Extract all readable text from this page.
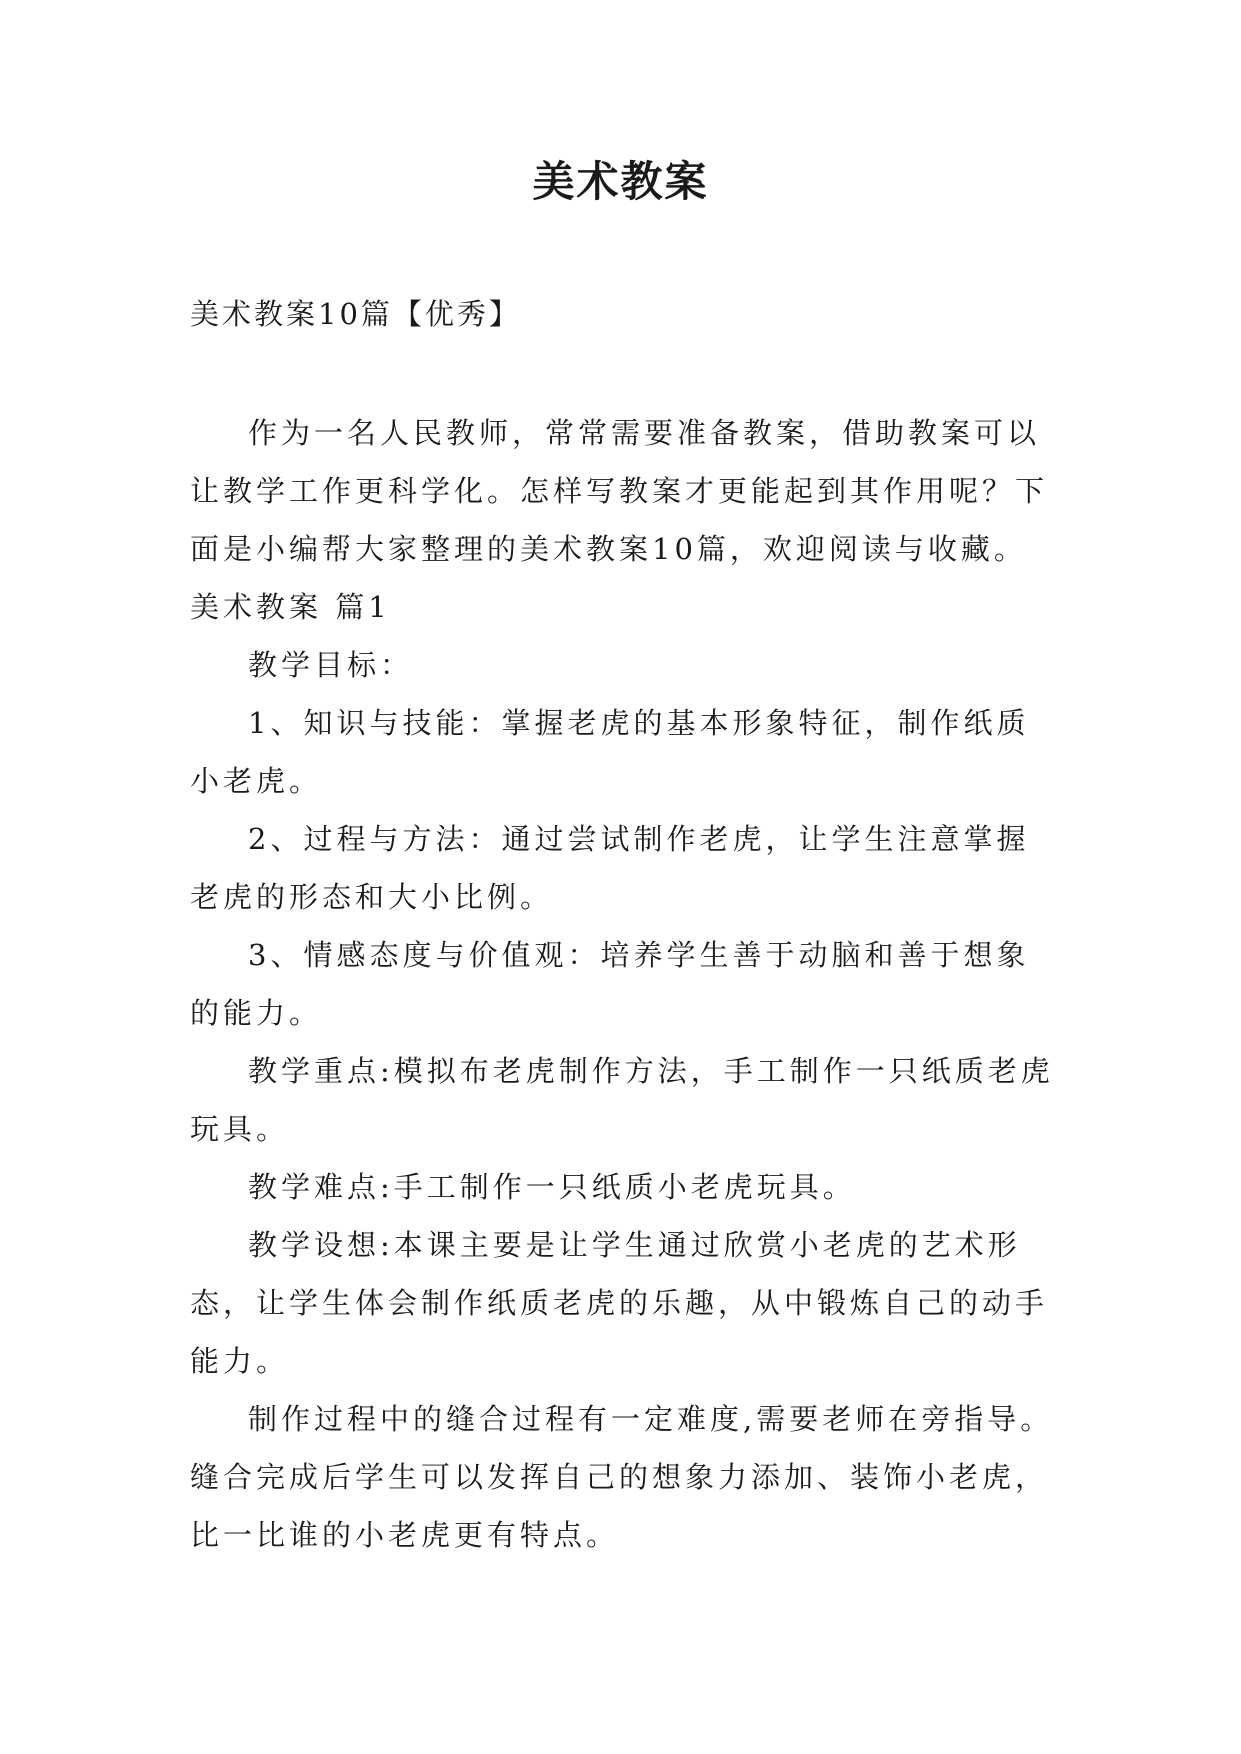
美术教案

美术教案10篇【优秀】

作为一名人民教师，常常需要准备教案，借助教案可以让教学工作更科学化。怎样写教案才更能起到其作用呢？下面是小编帮大家整理的美术教案10篇，欢迎阅读与收藏。

美术教案 篇1

教学目标：

1、知识与技能：掌握老虎的基本形象特征，制作纸质小老虎。

2、过程与方法：通过尝试制作老虎，让学生注意掌握老虎的形态和大小比例。

3、情感态度与价值观：培养学生善于动脑和善于想象的能力。

教学重点:模拟布老虎制作方法，手工制作一只纸质老虎玩具。

教学难点:手工制作一只纸质小老虎玩具。

教学设想:本课主要是让学生通过欣赏小老虎的艺术形态，让学生体会制作纸质老虎的乐趣，从中锻炼自己的动手能力。

制作过程中的缝合过程有一定难度,需要老师在旁指导。缝合完成后学生可以发挥自己的想象力添加、装饰小老虎，比一比谁的小老虎更有特点。
